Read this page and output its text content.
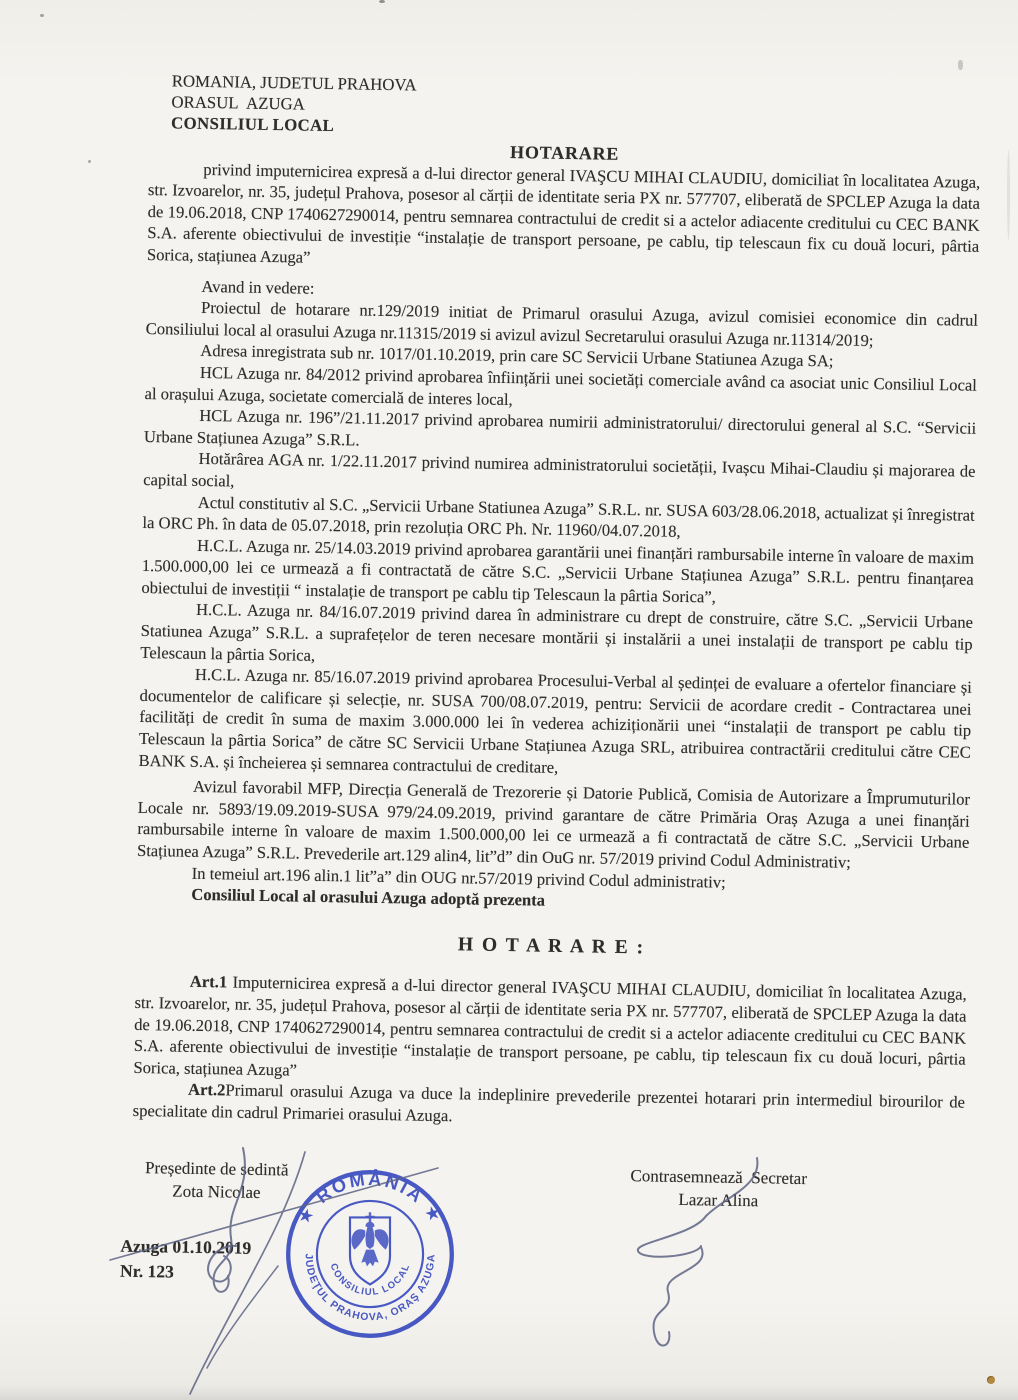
ROMANIA, JUDETUL PRAHOVA
ORASUL  AZUGA
CONSILIUL LOCAL
HOTARARE

privind imputernicirea expresă a d-lui director general IVAŞCU MIHAI CLAUDIU, domiciliat în localitatea Azuga, str. Izvoarelor, nr. 35, județul Prahova, posesor al cărții de identitate seria PX nr. 577707, eliberată de SPCLEP Azuga la data de 19.06.2018, CNP 1740627290014, pentru semnarea contractului de credit si a actelor adiacente creditului cu CEC BANK S.A. aferente obiectivului de investiție “instalație de transport persoane, pe cablu, tip telescaun fix cu două locuri, pârtia Sorica, stațiunea Azuga”

Avand in vedere:

Proiectul de hotarare nr.129/2019 initiat de Primarul orasului Azuga, avizul comisiei economice din cadrul Consiliului local al orasului Azuga nr.11315/2019 si avizul avizul Secretarului orasului Azuga nr.11314/2019;

Adresa inregistrata sub nr. 1017/01.10.2019, prin care SC Servicii Urbane Statiunea Azuga SA;

HCL Azuga nr. 84/2012 privind aprobarea înființării unei societăți comerciale având ca asociat unic Consiliul Local al orașului Azuga, societate comercială de interes local,

HCL Azuga nr. 196”/21.11.2017 privind aprobarea numirii administratorului/ directorului general al S.C. “Servicii Urbane Stațiunea Azuga” S.R.L.

Hotărârea AGA nr. 1/22.11.2017 privind numirea administratorului societății, Ivașcu Mihai-Claudiu și majorarea de capital social,

Actul constitutiv al S.C. „Servicii Urbane Statiunea Azuga” S.R.L. nr. SUSA 603/28.06.2018, actualizat și înregistrat la ORC Ph. în data de 05.07.2018, prin rezoluția ORC Ph. Nr. 11960/04.07.2018,

H.C.L. Azuga nr. 25/14.03.2019 privind aprobarea garantării unei finanțări rambursabile interne în valoare de maxim 1.500.000,00 lei ce urmează a fi contractată de către S.C. „Servicii Urbane Stațiunea Azuga” S.R.L. pentru finanțarea obiectului de investiții “ instalație de transport pe cablu tip Telescaun la pârtia Sorica”,

H.C.L. Azuga nr. 84/16.07.2019 privind darea în administrare cu drept de construire, către S.C. „Servicii Urbane Statiunea Azuga” S.R.L. a suprafețelor de teren necesare montării și instalării a unei instalații de transport pe cablu tip Telescaun la pârtia Sorica,

H.C.L. Azuga nr. 85/16.07.2019 privind aprobarea Procesului-Verbal al ședinței de evaluare a ofertelor financiare și documentelor de calificare și selecție, nr. SUSA 700/08.07.2019, pentru: Servicii de acordare credit - Contractarea unei facilități de credit în suma de maxim 3.000.000 lei în vederea achiziționării unei “instalații de transport pe cablu tip Telescaun la pârtia Sorica” de către SC Servicii Urbane Stațiunea Azuga SRL, atribuirea contractării creditului către CEC BANK S.A. și încheierea și semnarea contractului de creditare,

Avizul favorabil MFP, Direcția Generală de Trezorerie și Datorie Publică, Comisia de Autorizare a Împrumuturilor Locale nr. 5893/19.09.2019-SUSA 979/24.09.2019, privind garantare de către Primăria Oraș Azuga a unei finanțări rambursabile interne în valoare de maxim 1.500.000,00 lei ce urmează a fi contractată de către S.C. „Servicii Urbane Stațiunea Azuga” S.R.L. Prevederile art.129 alin4, lit”d” din OuG nr. 57/2019 privind Codul Administrativ;

In temeiul art.196 alin.1 lit”a” din OUG nr.57/2019 privind Codul administrativ;

Consiliul Local al orasului Azuga adoptă prezenta

H O T A R A R E :

Art.1 Imputernicirea expresă a d-lui director general IVAŞCU MIHAI CLAUDIU, domiciliat în localitatea Azuga, str. Izvoarelor, nr. 35, județul Prahova, posesor al cărții de identitate seria PX nr. 577707, eliberată de SPCLEP Azuga la data de 19.06.2018, CNP 1740627290014, pentru semnarea contractului de credit si a actelor adiacente creditului cu CEC BANK S.A. aferente obiectivului de investiție “instalație de transport persoane, pe cablu, tip telescaun fix cu două locuri, pârtia Sorica, stațiunea Azuga”

Art.2Primarul orasului Azuga va duce la indeplinire prevederile prezentei hotarari prin intermediul birourilor de specialitate din cadrul Primariei orasului Azuga.

Președinte de sedintă
Zota Nicolae
Contrasemnează  Secretar
Lazar Alina
Azuga 01.10.2019
Nr. 123
★ ROMÂNIA ★
JUDEŢUL PRAHOVA, ORAŞ AZUGA
CONSILIUL LOCAL
